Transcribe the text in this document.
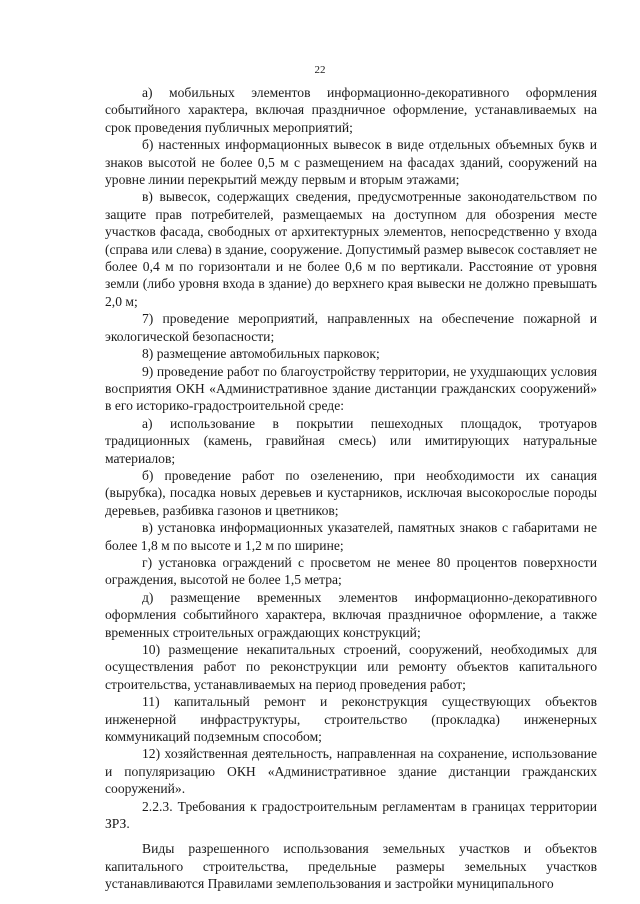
22

а) мобильных элементов информационно-декоративного оформления событийного характера, включая праздничное оформление, устанавливаемых на срок проведения публичных мероприятий;

б) настенных информационных вывесок в виде отдельных объемных букв и знаков высотой не более 0,5 м с размещением на фасадах зданий, сооружений на уровне линии перекрытий между первым и вторым этажами;

в) вывесок, содержащих сведения, предусмотренные законодательством по защите прав потребителей, размещаемых на доступном для обозрения месте участков фасада, свободных от архитектурных элементов, непосредственно у входа (справа или слева) в здание, сооружение. Допустимый размер вывесок составляет не более 0,4 м по горизонтали и не более 0,6 м по вертикали. Расстояние от уровня земли (либо уровня входа в здание) до верхнего края вывески не должно превышать 2,0 м;

7) проведение мероприятий, направленных на обеспечение пожарной и экологической безопасности;

8) размещение автомобильных парковок;

9) проведение работ по благоустройству территории, не ухудшающих условия восприятия ОКН «Административное здание дистанции гражданских сооружений» в его историко-градостроительной среде:

а) использование в покрытии пешеходных площадок, тротуаров традиционных (камень, гравийная смесь) или имитирующих натуральные материалов;

б) проведение работ по озеленению, при необходимости их санация (вырубка), посадка новых деревьев и кустарников, исключая высокорослые породы деревьев, разбивка газонов и цветников;

в) установка информационных указателей, памятных знаков с габаритами не более 1,8 м по высоте и 1,2 м по ширине;

г) установка ограждений с просветом не менее 80 процентов поверхности ограждения, высотой не более 1,5 метра;

д) размещение временных элементов информационно-декоративного оформления событийного характера, включая праздничное оформление, а также временных строительных ограждающих конструкций;

10) размещение некапитальных строений, сооружений, необходимых для осуществления работ по реконструкции или ремонту объектов капитального строительства, устанавливаемых на период проведения работ;

11) капитальный ремонт и реконструкция существующих объектов инженерной инфраструктуры, строительство (прокладка) инженерных коммуникаций подземным способом;

12) хозяйственная деятельность, направленная на сохранение, использование и популяризацию ОКН «Административное здание дистанции гражданских сооружений».

2.2.3. Требования к градостроительным регламентам в границах территории ЗРЗ.

Виды разрешенного использования земельных участков и объектов капитального строительства, предельные размеры земельных участков устанавливаются Правилами землепользования и застройки муниципального
